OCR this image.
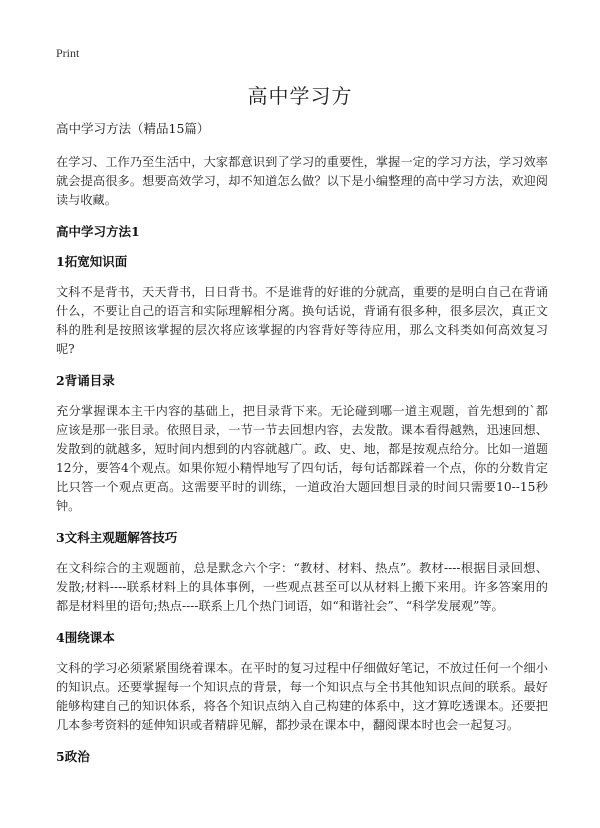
Print
高中学习方

高中学习方法（精品15篇）

在学习、工作乃至生活中，大家都意识到了学习的重要性，掌握一定的学习方法，学习效率就会提高很多。想要高效学习，却不知道怎么做？以下是小编整理的高中学习方法，欢迎阅读与收藏。

高中学习方法1

1拓宽知识面

文科不是背书，天天背书，日日背书。不是谁背的好谁的分就高，重要的是明白自己在背诵什么，不要让自己的语言和实际理解相分离。换句话说，背诵有很多种，很多层次，真正文科的胜利是按照该掌握的层次将应该掌握的内容背好等待应用，那么文科类如何高效复习呢?

2背诵目录

充分掌握课本主干内容的基础上，把目录背下来。无论碰到哪一道主观题，首先想到的`都应该是那一张目录。依照目录，一节一节去回想内容，去发散。课本看得越熟，迅速回想、发散到的就越多，短时间内想到的内容就越广。政、史、地，都是按观点给分。比如一道题12分，要答4个观点。如果你短小精悍地写了四句话，每句话都踩着一个点，你的分数肯定比只答一个观点更高。这需要平时的训练，一道政治大题回想目录的时间只需要10--15秒钟。

3文科主观题解答技巧

在文科综合的主观题前，总是默念六个字：“教材、材料、热点”。教材----根据目录回想、发散;材料----联系材料上的具体事例，一些观点甚至可以从材料上搬下来用。许多答案用的都是材料里的语句;热点----联系上几个热门词语，如“和谐社会”、“科学发展观”等。

4围绕课本

文科的学习必须紧紧围绕着课本。在平时的复习过程中仔细做好笔记，不放过任何一个细小的知识点。还要掌握每一个知识点的背景，每一个知识点与全书其他知识点间的联系。最好能够构建自己的知识体系，将各个知识点纳入自己构建的体系中，这才算吃透课本。还要把几本参考资料的延伸知识或者精辟见解，都抄录在课本中，翻阅课本时也会一起复习。

5政治
